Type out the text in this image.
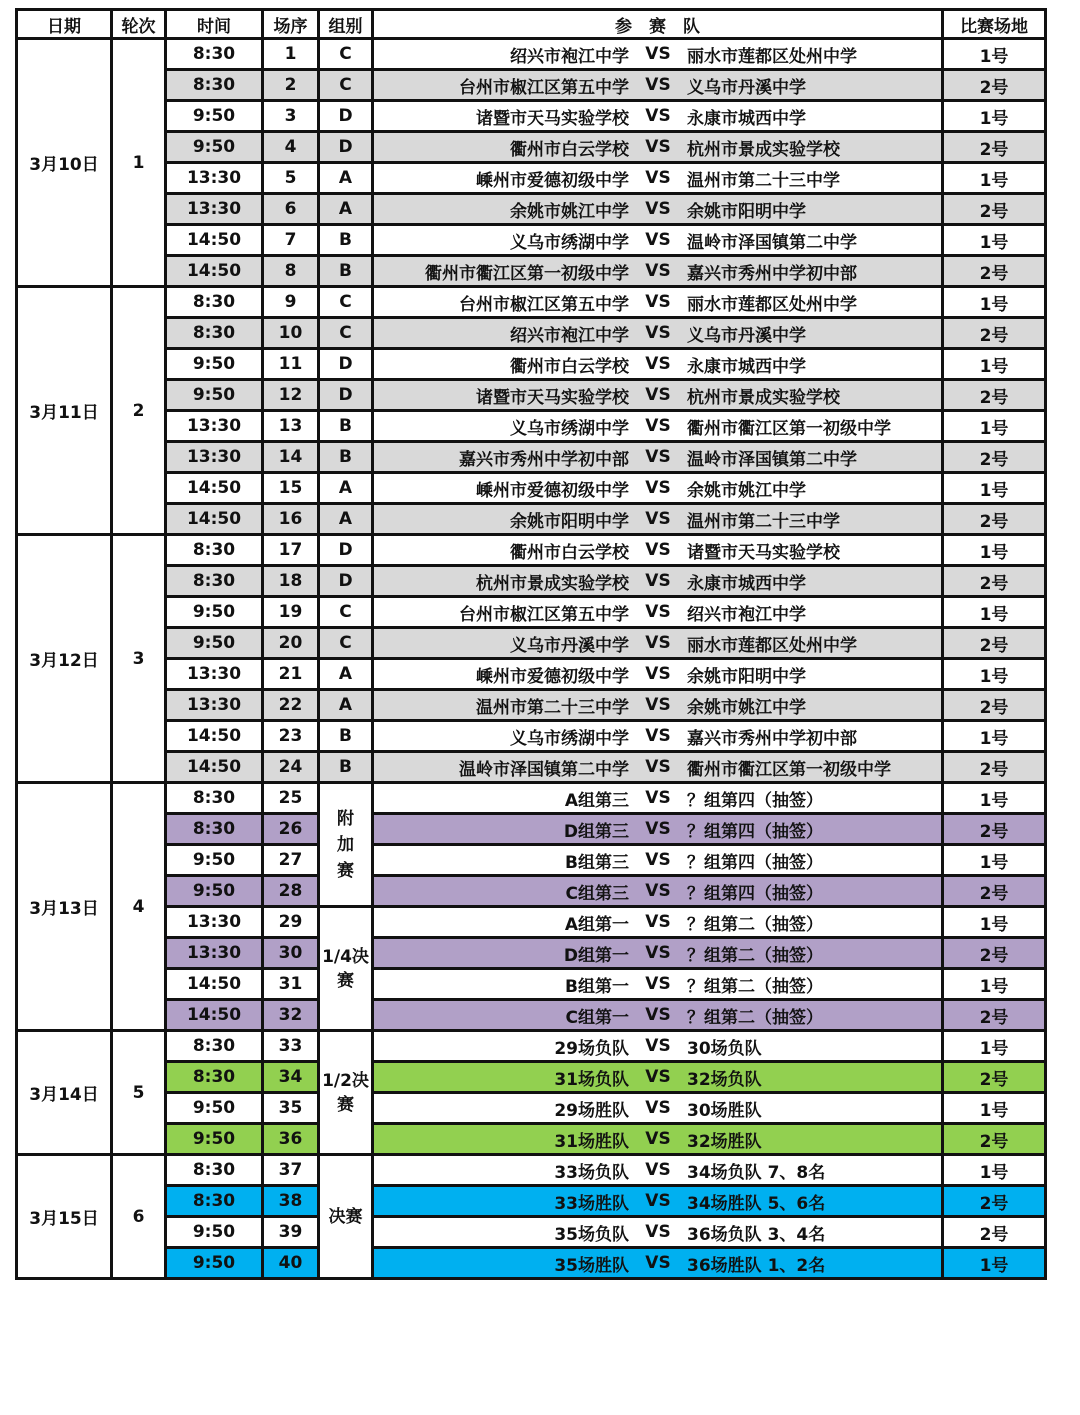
日期	轮次	时间	场序	组别	参　赛　队	比赛场地
3月10日	1	8:30	1	C	绍兴市袍江中学 VS 丽水市莲都区处州中学	1号
		8:30	2	C	台州市椒江区第五中学 VS 义乌市丹溪中学	2号
		9:50	3	D	诸暨市天马实验学校 VS 永康市城西中学	1号
		9:50	4	D	衢州市白云学校 VS 杭州市景成实验学校	2号
		13:30	5	A	嵊州市爱德初级中学 VS 温州市第二十三中学	1号
		13:30	6	A	余姚市姚江中学 VS 余姚市阳明中学	2号
		14:50	7	B	义乌市绣湖中学 VS 温岭市泽国镇第二中学	1号
		14:50	8	B	衢州市衢江区第一初级中学 VS 嘉兴市秀州中学初中部	2号
3月11日	2	8:30	9	C	台州市椒江区第五中学 VS 丽水市莲都区处州中学	1号
		8:30	10	C	绍兴市袍江中学 VS 义乌市丹溪中学	2号
		9:50	11	D	衢州市白云学校 VS 永康市城西中学	1号
		9:50	12	D	诸暨市天马实验学校 VS 杭州市景成实验学校	2号
		13:30	13	B	义乌市绣湖中学 VS 衢州市衢江区第一初级中学	1号
		13:30	14	B	嘉兴市秀州中学初中部 VS 温岭市泽国镇第二中学	2号
		14:50	15	A	嵊州市爱德初级中学 VS 余姚市姚江中学	1号
		14:50	16	A	余姚市阳明中学 VS 温州市第二十三中学	2号
3月12日	3	8:30	17	D	衢州市白云学校 VS 诸暨市天马实验学校	1号
		8:30	18	D	杭州市景成实验学校 VS 永康市城西中学	2号
		9:50	19	C	台州市椒江区第五中学 VS 绍兴市袍江中学	1号
		9:50	20	C	义乌市丹溪中学 VS 丽水市莲都区处州中学	2号
		13:30	21	A	嵊州市爱德初级中学 VS 余姚市阳明中学	1号
		13:30	22	A	温州市第二十三中学 VS 余姚市姚江中学	2号
		14:50	23	B	义乌市绣湖中学 VS 嘉兴市秀州中学初中部	1号
		14:50	24	B	温岭市泽国镇第二中学 VS 衢州市衢江区第一初级中学	2号
3月13日	4	8:30	25	附加赛	A组第三 VS ？组第四（抽签）	1号
		8:30	26		D组第三 VS ？组第四（抽签）	2号
		9:50	27		B组第三 VS ？组第四（抽签）	1号
		9:50	28		C组第三 VS ？组第四（抽签）	2号
		13:30	29	1/4决赛	A组第一 VS ？组第二（抽签）	1号
		13:30	30		D组第一 VS ？组第二（抽签）	2号
		14:50	31		B组第一 VS ？组第二（抽签）	1号
		14:50	32		C组第一 VS ？组第二（抽签）	2号
3月14日	5	8:30	33	1/2决赛	29场负队 VS 30场负队	1号
		8:30	34		31场负队 VS 32场负队	2号
		9:50	35		29场胜队 VS 30场胜队	1号
		9:50	36		31场胜队 VS 32场胜队	2号
3月15日	6	8:30	37	决赛	33场负队 VS 34场负队 7、8名	1号
		8:30	38		33场胜队 VS 34场胜队 5、6名	2号
		9:50	39		35场负队 VS 36场负队 3、4名	2号
		9:50	40		35场胜队 VS 36场胜队 1、2名	1号
